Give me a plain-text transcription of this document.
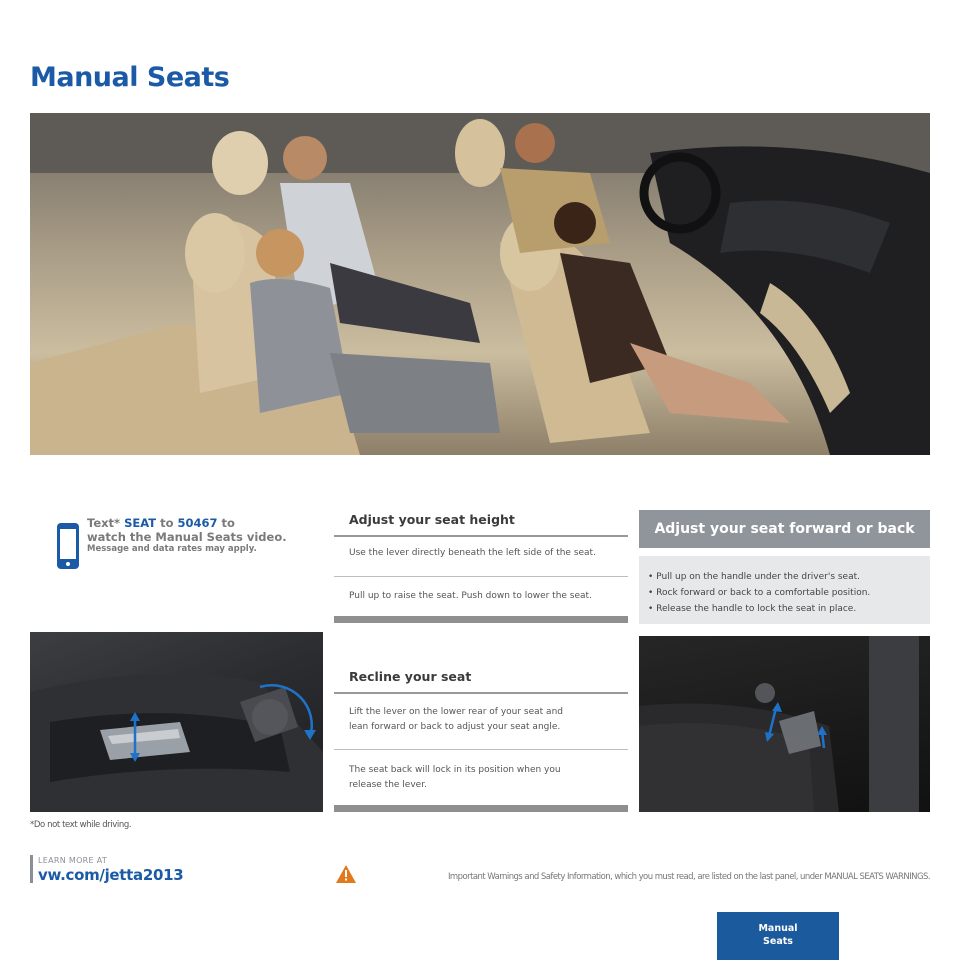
Manual Seats
Text* SEAT to 50467 to
watch the Manual Seats video.
Message and data rates may apply.
Adjust your seat height
Use the lever directly beneath the left side of the seat.
Pull up to raise the seat. Push down to lower the seat.
Recline your seat
Lift the lever on the lower rear of your seat and
lean forward or back to adjust your seat angle.
The seat back will lock in its position when you
release the lever.
Adjust your seat forward or back
• Pull up on the handle under the driver's seat.
• Rock forward or back to a comfortable position.
• Release the handle to lock the seat in place.
*Do not text while driving.
LEARN MORE AT
vw.com/jetta2013	Important Warnings and Safety Information, which you must read, are listed on the last panel, under MANUAL SEATS WARNINGS.
Manual
Seats
